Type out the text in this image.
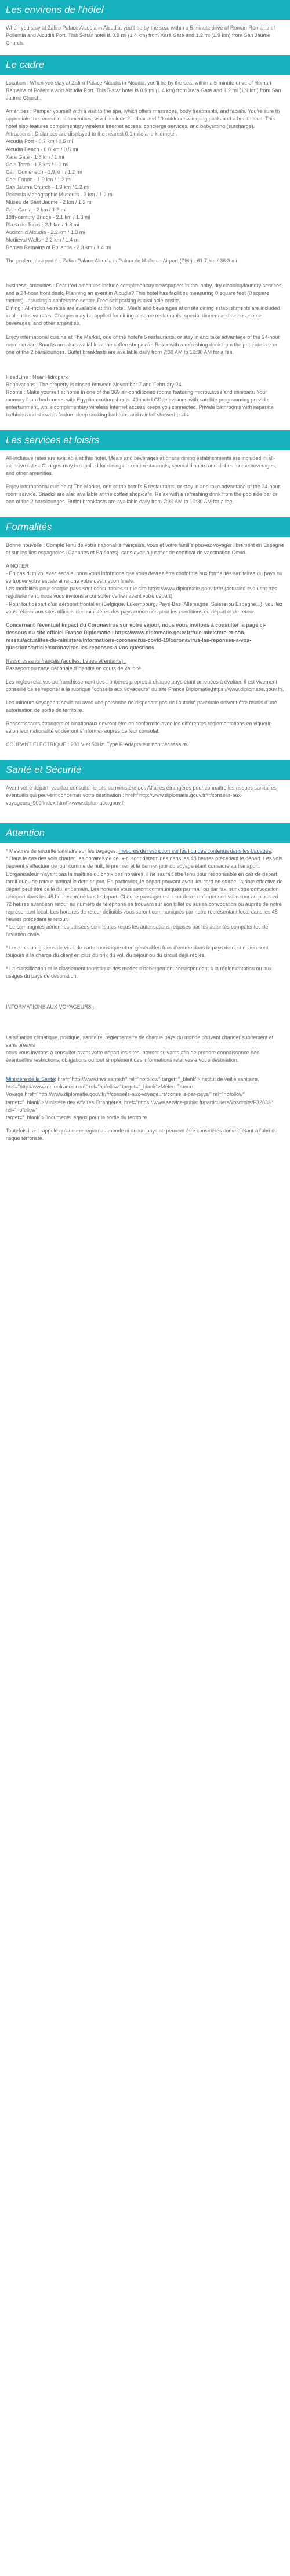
Les environs de l'hôtel

When you stay at Zafiro Palace Alcudia in Alcudia, you'll be by the sea, within a 5-minute drive of Roman Remains of Pollentia and Alcudia Port. This 5-star hotel is 0.9 mi (1.4 km) from Xara Gate and 1.2 mi (1.9 km) from San Jaume Church.

Le cadre

Location : When you stay at Zafiro Palace Alcudia in Alcudia, you'll be by the sea, within a 5-minute drive of Roman Remains of Pollentia and Alcudia Port. This 5-star hotel is 0.9 mi (1.4 km) from Xara Gate and 1.2 mi (1.9 km) from San Jaume Church.

Amenities : Pamper yourself with a visit to the spa, which offers massages, body treatments, and facials. You're sure to appreciate the recreational amenities, which include 2 indoor and 10 outdoor swimming pools and a health club. This hotel also features complimentary wireless Internet access, concierge services, and babysitting (surcharge).
Attractions : Distances are displayed to the nearest 0.1 mile and kilometer.
Alcudia Port - 0.7 km / 0.5 mi
Alcudia Beach - 0.8 km / 0.5 mi
Xara Gate - 1.6 km / 1 mi
Ca'n Torró - 1.8 km / 1.1 mi
Ca'n Domènech - 1.9 km / 1.2 mi
Ca'n Fondo - 1.9 km / 1.2 mi
San Jaume Church - 1.9 km / 1.2 mi
Pollentia Monographic Museum - 2 km / 1.2 mi
Museu de Sant Jaume - 2 km / 1.2 mi
Ca'n Canta - 2 km / 1.2 mi
18th-century Bridge - 2.1 km / 1.3 mi
Plaza de Toros - 2.1 km / 1.3 mi
Auditori d'Alcudia - 2.2 km / 1.3 mi
Medieval Walls - 2.2 km / 1.4 mi
Roman Remains of Pollentia - 2.3 km / 1.4 mi

The preferred airport for Zafiro Palace Alcudia is Palma de Mallorca Airport (PMI) - 61.7 km / 38.3 mi

business_amenities : Featured amenities include complimentary newspapers in the lobby, dry cleaning/laundry services, and a 24-hour front desk. Planning an event in Alcudia? This hotel has facilities measuring 0 square feet (0 square meters), including a conference center. Free self parking is available onsite.
Dining : All-inclusive rates are available at this hotel. Meals and beverages at onsite dining establishments are included in all-inclusive rates. Charges may be applied for dining at some restaurants, special dinners and dishes, some beverages, and other amenities.

Enjoy international cuisine at The Market, one of the hotel's 5 restaurants, or stay in and take advantage of the 24-hour room service. Snacks are also available at the coffee shop/cafe. Relax with a refreshing drink from the poolside bar or one of the 2 bars/lounges. Buffet breakfasts are available daily from 7:30 AM to 10:30 AM for a fee.

HeadLine : Near Hidropark
Renovations : The property is closed between November 7 and February 24.
Rooms : Make yourself at home in one of the 369 air-conditioned rooms featuring microwaves and minibars. Your memory foam bed comes with Egyptian cotton sheets. 40-inch LCD televisions with satellite programming provide entertainment, while complimentary wireless Internet access keeps you connected. Private bathrooms with separate bathtubs and showers feature deep soaking bathtubs and rainfall showerheads.

Les services et loisirs

All-inclusive rates are available at this hotel. Meals and beverages at onsite dining establishments are included in all-inclusive rates. Charges may be applied for dining at some restaurants, special dinners and dishes, some beverages, and other amenities.

Enjoy international cuisine at The Market, one of the hotel's 5 restaurants, or stay in and take advantage of the 24-hour room service. Snacks are also available at the coffee shop/cafe. Relax with a refreshing drink from the poolside bar or one of the 2 bars/lounges. Buffet breakfasts are available daily from 7:30 AM to 10:30 AM for a fee.

Formalités

Bonne nouvelle : Compte tenu de votre nationalité française, vous et votre famille pouvez voyager librement en Espagne et sur les îles espagnoles (Canaries et Baléares), sans avoir à justifier de certificat de vaccination Covid.

A NOTER
- En cas d'un vol avec escale, nous vous informons que vous devrez être conforme aux formalités sanitaires du pays où se trouve votre escale ainsi que votre destination finale.
Les modalités pour chaque pays sont consultables sur le site https://www.diplomatie.gouv.fr/fr/ (actualité évoluant très régulièrement, nous vous invitons à consulter ce lien avant votre départ).
- Pour tout départ d'un aéroport frontalier (Belgique, Luxembourg, Pays-Bas, Allemagne, Suisse ou Espagne...), veuillez vous référer aux sites officiels des ministères des pays concernés pour les conditions de départ et de retour.

Concernant l'éventuel impact du Coronavirus sur votre séjour, nous vous invitons à consulter la page ci-dessous du site officiel France Diplomatie : https://www.diplomatie.gouv.fr/fr/le-ministere-et-son-reseau/actualites-du-ministere/informations-coronavirus-covid-19/coronavirus-les-reponses-a-vos-questions/article/coronavirus-les-reponses-a-vos-questions

Ressortissants français (adultes, bébés et enfants) :
Passeport ou carte nationale d'identité en cours de validité.

Les règles relatives au franchissement des frontières propres à chaque pays étant amenées à évoluer, il est vivement conseillé de se reporter à la rubrique "conseils aux voyageurs" du site France Diplomatie,https://www.diplomatie.gouv.fr/.

Les mineurs voyageant seuls ou avec une personne ne disposant pas de l'autorité parentale doivent être munis d'une autorisation de sortie de territoire.

Ressortissants étrangers et binationaux devront être en conformité avec les différentes réglementations en vigueur, selon leur nationalité et devront s'informer auprès de leur consulat.

COURANT ELECTRIQUE : 230 V et 50Hz. Type F. Adaptateur non nécessaire.

Santé et Sécurité

Avant votre départ, veuillez consulter le site du ministère des Affaires étrangères pour connaître les risques sanitaires éventuels qui peuvent concerner votre destination : href="http://www.diplomatie.gouv.fr/fr/conseils-aux-voyageurs_909/index.html">www.diplomatie.gouv.fr

Attention

* Mesures de sécurité sanitaire sur les bagages: mesures de restriction sur les liquides contenus dans les bagages.
* Dans le cas des vols charter, les horaires de ceux-ci sont déterminés dans les 48 heures précédant le départ. Les vols peuvent s'effectuer de jour comme de nuit, le premier et le dernier jour du voyage étant consacré au transport. L'organisateur n'ayant pas la maîtrise du choix des horaires, il ne saurait être tenu pour responsable en cas de départ tardif et/ou de retour matinal le dernier jour. En particulier, le départ pouvant avoir lieu tard en soirée, la date effective de départ peut être celle du lendemain. Les horaires vous seront communiqués par mail ou par fax, sur votre convocation aéroport dans les 48 heures précédant le départ. Chaque passager est tenu de reconfirmer son vol retour au plus tard 72 heures avant son retour au numéro de téléphone se trouvant sur son billet ou sur sa convocation ou auprès de notre représentant local. Les horaires de retour définitifs vous seront communiqués par notre représentant local dans les 48 heures précédant le retour.
* Le compagnies aériennes utilisées sont toutes reçus les autorisations requises par les autorités compétentes de l'aviation civile.

* Les trois obligations de visa, de carte touristique et en général les frais d'entrée dans le pays de destination sont toujours à la charge du client en plus du prix du vol, du séjour ou du circuit déjà réglés.

* La classification et le classement touristique des modes d'hébergement correspondent à la réglementation ou aux usages du pays de destination.

INFORMATIONS AUX VOYAGEURS :

La situation climatique, politique, sanitaire, réglementaire de chaque pays du monde pouvant changer subitement et sans préavis
nous vous invitons à consulter avant votre départ les sites Internet suivants afin de prendre connaissance des éventuelles restrictions, obligations ou tout simplement des informations relatives à votre destination.

Ministère de la Santé: href="http://www.invs.sante.fr" rel="nofollow" target="_blank">Institut de veille sanitaire,
href="http://www.meteofrance.com" rel="nofollow" target="_blank">Météo France Voyage,href="http://www.diplomatie.gouv.fr/fr/conseils-aux-voyageurs/conseils-par-pays/" rel="nofollow"
target="_blank">Ministère des Affaires Etrangères, href="https://www.service-public.fr/particuliers/vosdroits/F32833" rel="nofollow"
target="_blank">Documents légaux pour la sortie du territoire.

Toutefois il est rappelé qu'aucune région du monde ni aucun pays ne peuvent être considérés comme étant à l'abri du risque terroriste.
